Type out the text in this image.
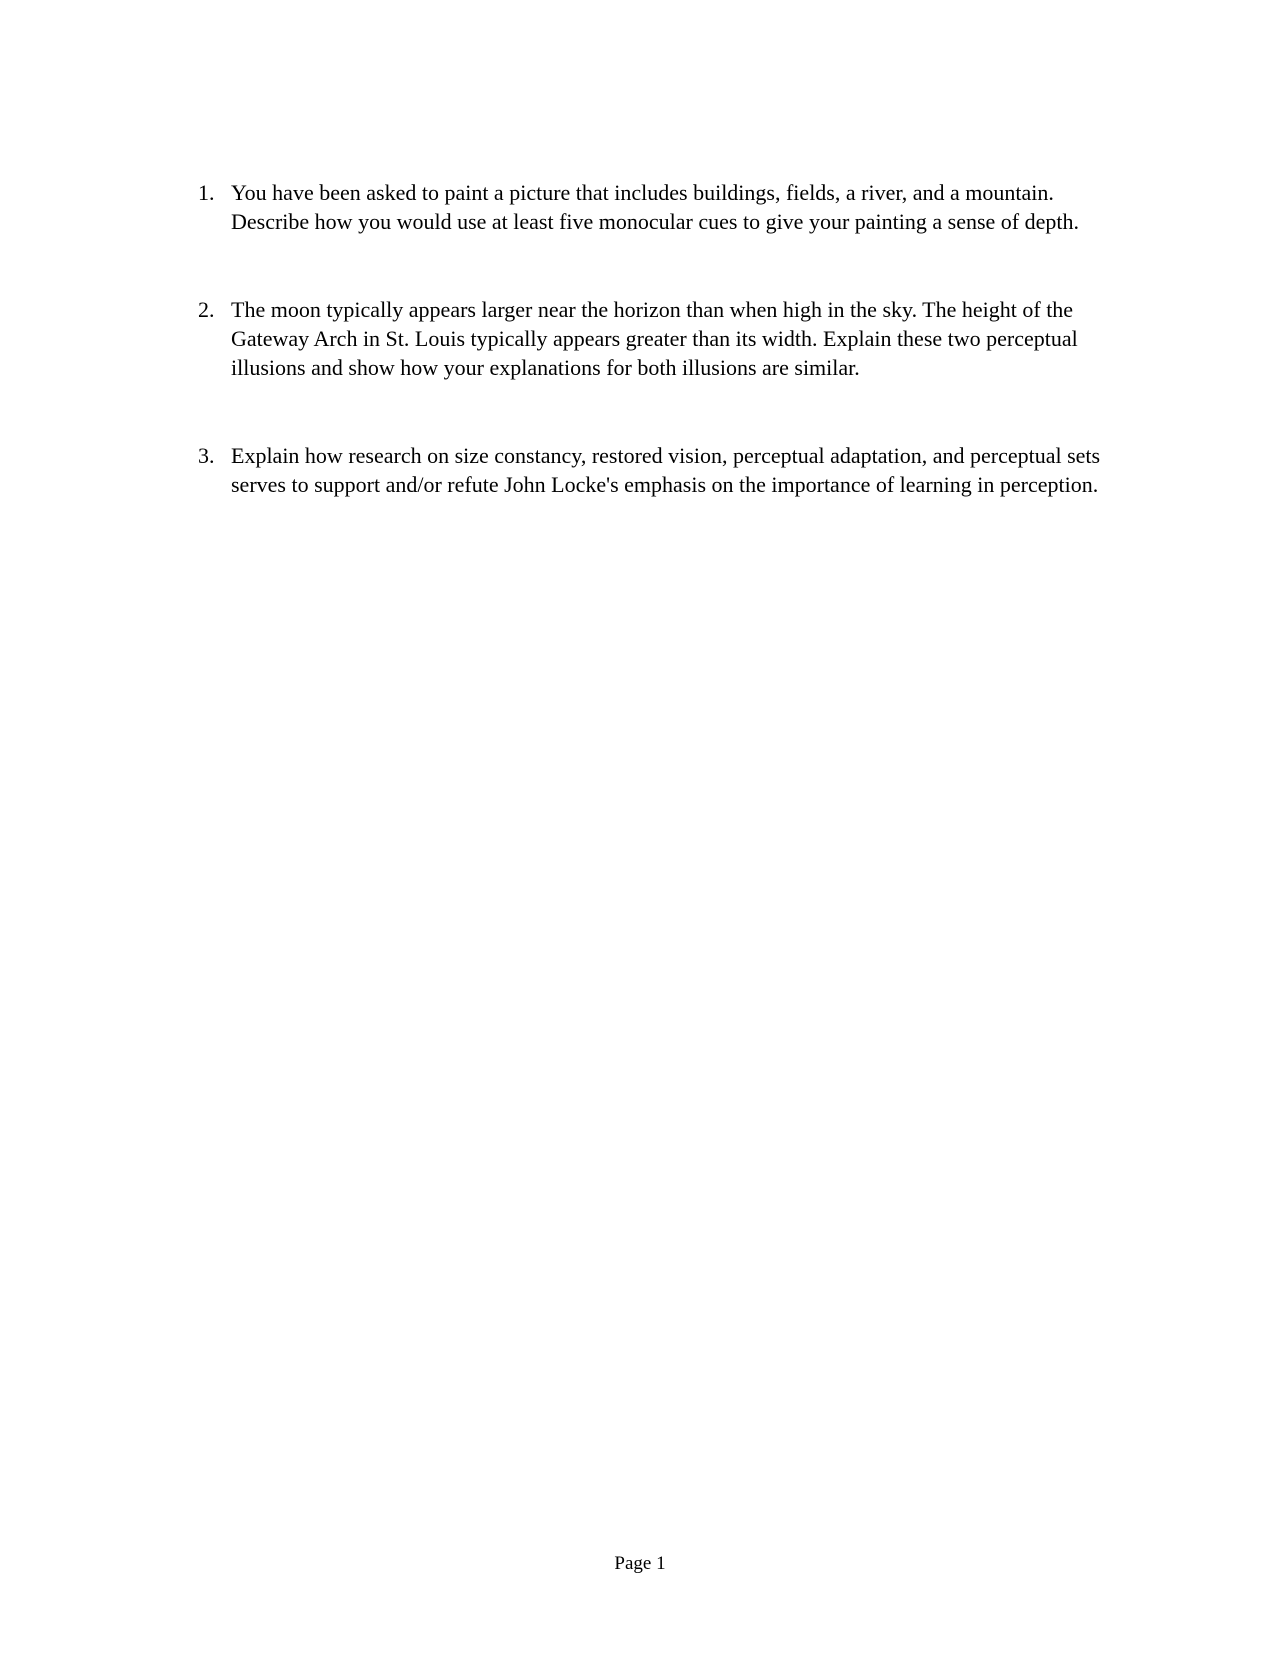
1. You have been asked to paint a picture that includes buildings, fields, a river, and a mountain. Describe how you would use at least five monocular cues to give your painting a sense of depth.
2. The moon typically appears larger near the horizon than when high in the sky. The height of the Gateway Arch in St. Louis typically appears greater than its width. Explain these two perceptual illusions and show how your explanations for both illusions are similar.
3. Explain how research on size constancy, restored vision, perceptual adaptation, and perceptual sets serves to support and/or refute John Locke's emphasis on the importance of learning in perception.
Page 1
